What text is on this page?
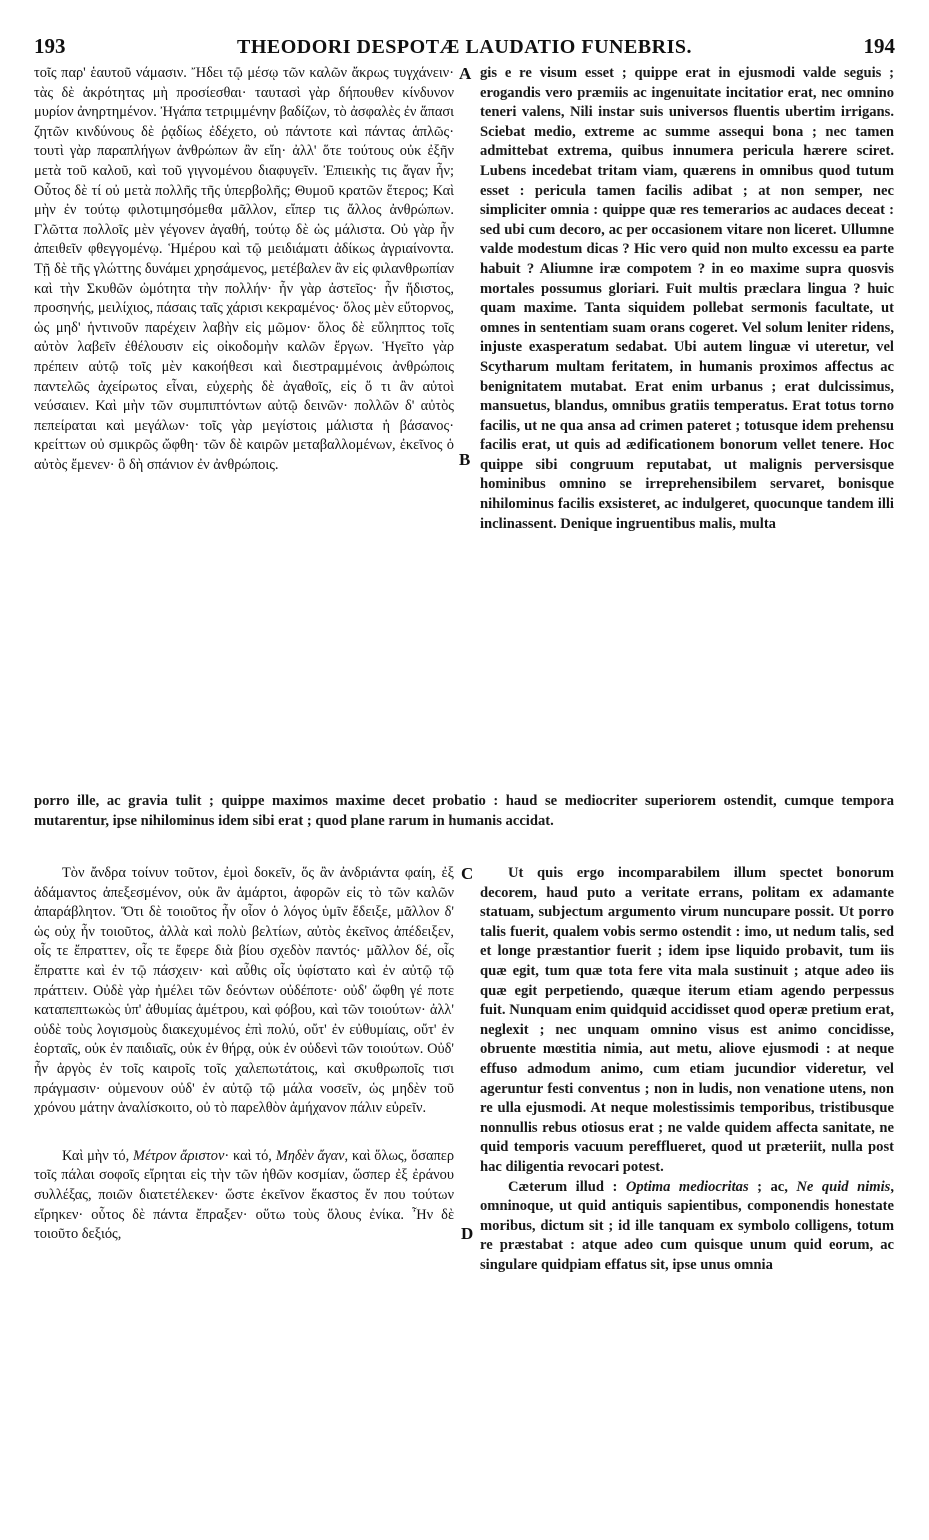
193	THEODORI DESPOTÆ LAUDATIO FUNEBRIS.	194

τοῖς παρ' ἑαυτοῦ νάμασιν. Ἤδει τῷ μέσῳ τῶν καλῶν ἄκρως τυγχάνειν· τὰς δὲ ἀκρότητας μὴ προσίεσθαι· ταυτασὶ γὰρ δήπουθεν κίνδυνον μυρίον ἀνηρτημένον. Ἠγάπα τετριμμένην βαδίζων, τὸ ἀσφαλὲς ἐν ἅπασι ζητῶν κινδύνους δὲ ῥᾳδίως ἐδέχετο, οὐ πάντοτε καὶ πάντας ἁπλῶς· τουτὶ γὰρ παραπλήγων ἀνθρώπων ἂν εἴη· ἀλλ' ὅτε τούτους οὐκ ἐξῆν μετὰ τοῦ καλοῦ, καὶ τοῦ γιγνομένου διαφυγεῖν. Ἐπιεικὴς τις ἄγαν ἦν; Οὗτος δὲ τί οὐ μετὰ πολλῆς τῆς ὑπερβολῆς; Θυμοῦ κρατῶν ἕτερος; Καὶ μὴν ἐν τούτῳ φιλοτιμησόμεθα μᾶλλον, εἴπερ τις ἄλλος ἀνθρώπων. Γλῶττα πολλοῖς μὲν γέγονεν ἀγαθή, τούτῳ δὲ ὡς μάλιστα. Οὐ γὰρ ἦν ἀπειθεῖν φθεγγομένῳ. Ἡμέρου καὶ τῷ μειδιάματι ἀδίκως ἀγριαίνοντα. Τῇ δὲ τῆς γλώττης δυνάμει χρησάμενος, μετέβαλεν ἂν εἰς φιλανθρωπίαν καὶ τὴν Σκυθῶν ὠμότητα τὴν πολλήν· ἦν γὰρ ἀστεῖος· ἦν ἥδιστος, προσηνής, μειλίχιος, πάσαις ταῖς χάρισι κεκραμένος· ὅλος μὲν εὔτορνος, ὡς μηδ' ἡντινοῦν παρέχειν λαβὴν εἰς μῶμον· ὅλος δὲ εὔληπτος τοῖς αὐτὸν λαβεῖν ἐθέλουσιν εἰς οἰκοδομὴν καλῶν ἔργων. Ἡγεῖτο γὰρ πρέπειν αὐτῷ τοῖς μὲν κακοήθεσι καὶ διεστραμμένοις ἀνθρώποις παντελῶς ἀχείρωτος εἶναι, εὐχερὴς δὲ ἀγαθοῖς, εἰς ὅ τι ἂν αὐτοὶ νεύσαιεν. Καὶ μὴν τῶν συμπιπτόντων αὐτῷ δεινῶν· πολλῶν δ' αὐτὸς πεπείραται καὶ μεγάλων· τοῖς γὰρ μεγίστοις μάλιστα ἡ βάσανος· κρείττων οὐ σμικρῶς ὤφθη· τῶν δὲ καιρῶν μεταβαλλομένων, ἐκεῖνος ὁ αὐτὸς ἔμενεν· ὃ δὴ σπάνιον ἐν ἀνθρώποις.

gis e re visum esset ; quippe erat in ejusmodi valde seguis ; erogandis vero præmiis ac ingenuitate incitatior erat, nec omnino teneri valens, Nili instar suis universos fluentis ubertim irrigans. Sciebat medio, extreme ac summe assequi bona ; nec tamen admittebat extrema, quibus innumera pericula hærere sciret. Lubens incedebat tritam viam, quærens in omnibus quod tutum esset : pericula tamen facilis adibat ; at non semper, nec simpliciter omnia : quippe quæ res temerarios ac audaces deceat : sed ubi cum decoro, ac per occasionem vitare non liceret. Ullumne valde modestum dicas ? Hic vero quid non multo excessu ea parte habuit ? Aliumne iræ compotem ? in eo maxime supra quosvis mortales possumus gloriari. Fuit multis præclara lingua ? huic quam maxime. Tanta siquidem pollebat sermonis facultate, ut omnes in sententiam suam orans cogeret. Vel solum leniter ridens, injuste exasperatum sedabat. Ubi autem linguæ vi uteretur, vel Scytharum multam feritatem, in humanis proximos affectus ac benignitatem mutabat. Erat enim urbanus ; erat dulcissimus, mansuetus, blandus, omnibus gratiis temperatus. Erat totus torno facilis, ut ne qua ansa ad crimen pateret ; totusque idem prehensu facilis erat, ut quis ad ædificationem bonorum vellet tenere. Hoc quippe sibi congruum reputabat, ut malignis perversisque hominibus omnino se irreprehensibilem servaret, bonisque nihilominus facilis exsisteret, ac indulgeret, quocunque tandem illi inclinassent. Denique ingruentibus malis, multa

A
B

porro ille, ac gravia tulit ; quippe maximos maxime decet probatio : haud se mediocriter superiorem ostendit, cumque tempora mutarentur, ipse nihilominus idem sibi erat ; quod plane rarum in humanis accidat.

Τὸν ἄνδρα τοίνυν τοῦτον, ἐμοὶ δοκεῖν, ὅς ἂν ἀνδριάντα φαίη, ἐξ ἀδάμαντος ἀπεξεσμένον, οὐκ ἂν ἁμάρτοι, ἀφορῶν εἰς τὸ τῶν καλῶν ἀπαράβλητον. Ὅτι δὲ τοιοῦτος ἦν οἷον ὁ λόγος ὑμῖν ἔδειξε, μᾶλλον δ' ὡς οὐχ ἦν τοιοῦτος, ἀλλὰ καὶ πολὺ βελτίων, αὐτὸς ἐκεῖνος ἀπέδειξεν, οἷς τε ἔπραττεν, οἷς τε ἔφερε διὰ βίου σχεδὸν παντός· μᾶλλον δέ, οἷς ἔπραττε καὶ ἐν τῷ πάσχειν· καὶ αὖθις οἷς ὑφίστατο καὶ ἐν αὐτῷ τῷ πράττειν. Οὐδὲ γὰρ ἠμέλει τῶν δεόντων οὐδέποτε· οὐδ' ὤφθη γέ ποτε καταπεπτωκὼς ὑπ' ἀθυμίας ἀμέτρου, καὶ φόβου, καὶ τῶν τοιούτων· ἀλλ' οὐδὲ τοὺς λογισμοὺς διακεχυμένος ἐπὶ πολύ, οὔτ' ἐν εὐθυμίαις, οὔτ' ἐν ἑορταῖς, οὐκ ἐν παιδιαῖς, οὐκ ἐν θήρᾳ, οὐκ ἐν οὐδενὶ τῶν τοιούτων. Οὐδ' ἦν ἀργὸς ἐν τοῖς καιροῖς τοῖς χαλεπωτάτοις, καὶ σκυθρωποῖς τισι πράγμασιν· οὐμενουν οὐδ' ἐν αὐτῷ τῷ μάλα νοσεῖν, ὡς μηδὲν τοῦ χρόνου μάτην ἀναλίσκοιτο, οὐ τὸ παρελθὸν ἀμήχανον πάλιν εὑρεῖν.

Καὶ μὴν τό, Μέτρον ἄριστον· καὶ τό, Μηδὲν ἄγαν, καὶ ὅλως, ὅσαπερ τοῖς πάλαι σοφοῖς εἴρηται εἰς τὴν τῶν ἠθῶν κοσμίαν, ὥσπερ ἐξ ἐράνου συλλέξας, ποιῶν διατετέλεκεν· ὥστε ἐκεῖνον ἕκαστος ἔν που τούτων εἴρηκεν· οὗτος δὲ πάντα ἔπραξεν· οὕτω τοὺς ὅλους ἐνίκα. Ἦν δὲ τοιοῦτο δεξιός,

Ut quis ergo incomparabilem illum spectet bonorum decorem, haud puto a veritate errans, politam ex adamante statuam, subjectum argumento virum nuncupare possit. Ut porro talis fuerit, qualem vobis sermo ostendit : imo, ut nedum talis, sed et longe præstantior fuerit ; idem ipse liquido probavit, tum iis quæ egit, tum quæ tota fere vita mala sustinuit ; atque adeo iis quæ egit perpetiendo, quæque iterum etiam agendo perpessus fuit. Nunquam enim quidquid accidisset quod operæ pretium erat, neglexit ; nec unquam omnino visus est animo concidisse, obruente mœstitia nimia, aut metu, aliove ejusmodi : at neque effuso admodum animo, cum etiam jucundior videretur, vel ageruntur festi conventus ; non in ludis, non venatione utens, non re ulla ejusmodi. At neque molestissimis temporibus, tristibusque nonnullis rebus otiosus erat ; ne valde quidem affecta sanitate, ne quid temporis vacuum perefflueret, quod ut præteriit, nulla post hac diligentia revocari potest.

Cæterum illud : Optima mediocritas ; ac, Ne quid nimis, omninoque, ut quid antiquis sapientibus, componendis honestate moribus, dictum sit ; id ille tanquam ex symbolo colligens, totum re præstabat : atque adeo cum quisque unum quid eorum, ac singulare quidpiam effatus sit, ipse unus omnia

C
D
